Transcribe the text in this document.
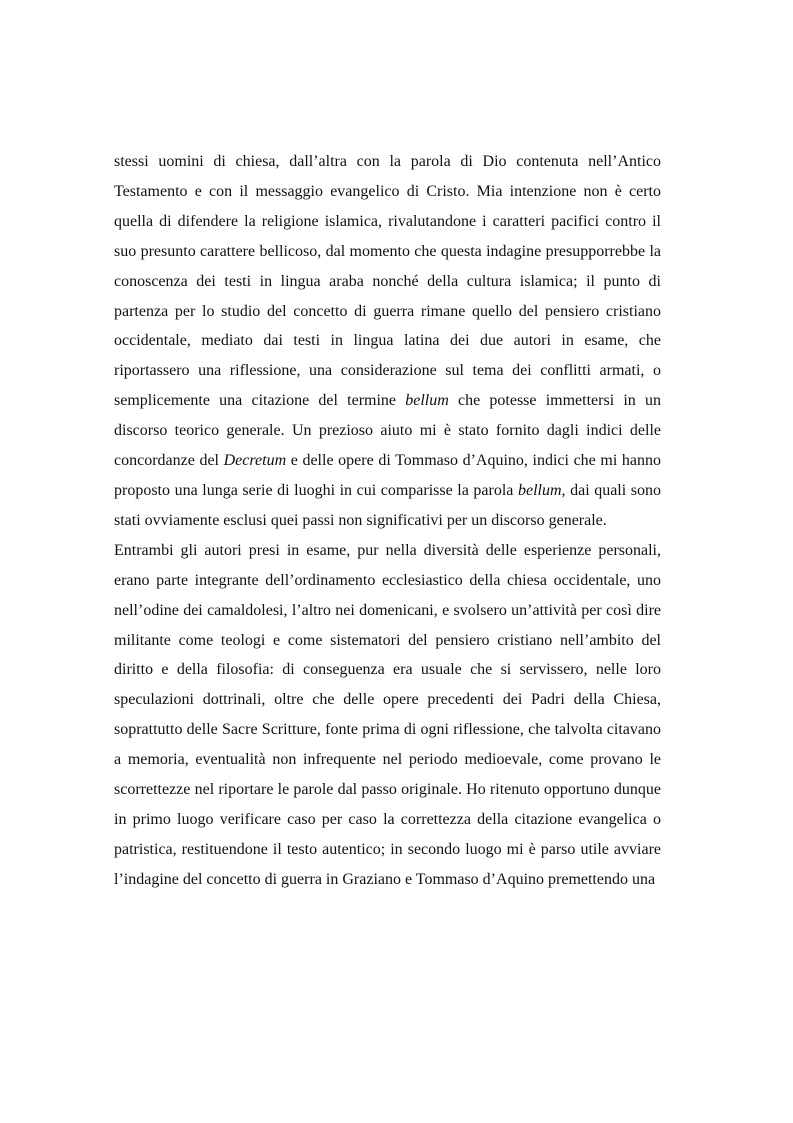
stessi uomini di chiesa, dall’altra con la parola di Dio contenuta nell’Antico Testamento e con il messaggio evangelico di Cristo. Mia intenzione non è certo quella di difendere la religione islamica, rivalutandone i caratteri pacifici contro il suo presunto carattere bellicoso, dal momento che questa indagine presupporrebbe la conoscenza dei testi in lingua araba nonché della cultura islamica; il punto di partenza per lo studio del concetto di guerra rimane quello del pensiero cristiano occidentale, mediato dai testi in lingua latina dei due autori in esame, che riportassero una riflessione, una considerazione sul tema dei conflitti armati, o semplicemente una citazione del termine bellum che potesse immettersi in un discorso teorico generale. Un prezioso aiuto mi è stato fornito dagli indici delle concordanze del Decretum e delle opere di Tommaso d’Aquino, indici che mi hanno proposto una lunga serie di luoghi in cui comparisse la parola bellum, dai quali sono stati ovviamente esclusi quei passi non significativi per un discorso generale.

Entrambi gli autori presi in esame, pur nella diversità delle esperienze personali, erano parte integrante dell’ordinamento ecclesiastico della chiesa occidentale, uno nell’odine dei camaldolesi, l’altro nei domenicani, e svolsero un’attività per così dire militante come teologi e come sistematori del pensiero cristiano nell’ambito del diritto e della filosofia: di conseguenza era usuale che si servissero, nelle loro speculazioni dottrinali, oltre che delle opere precedenti dei Padri della Chiesa, soprattutto delle Sacre Scritture, fonte prima di ogni riflessione, che talvolta citavano a memoria, eventualità non infrequente nel periodo medioevale, come provano le scorrettezze nel riportare le parole dal passo originale. Ho ritenuto opportuno dunque in primo luogo verificare caso per caso la correttezza della citazione evangelica o patristica, restituendone il testo autentico; in secondo luogo mi è parso utile avviare l’indagine del concetto di guerra in Graziano e Tommaso d’Aquino premettendo una
